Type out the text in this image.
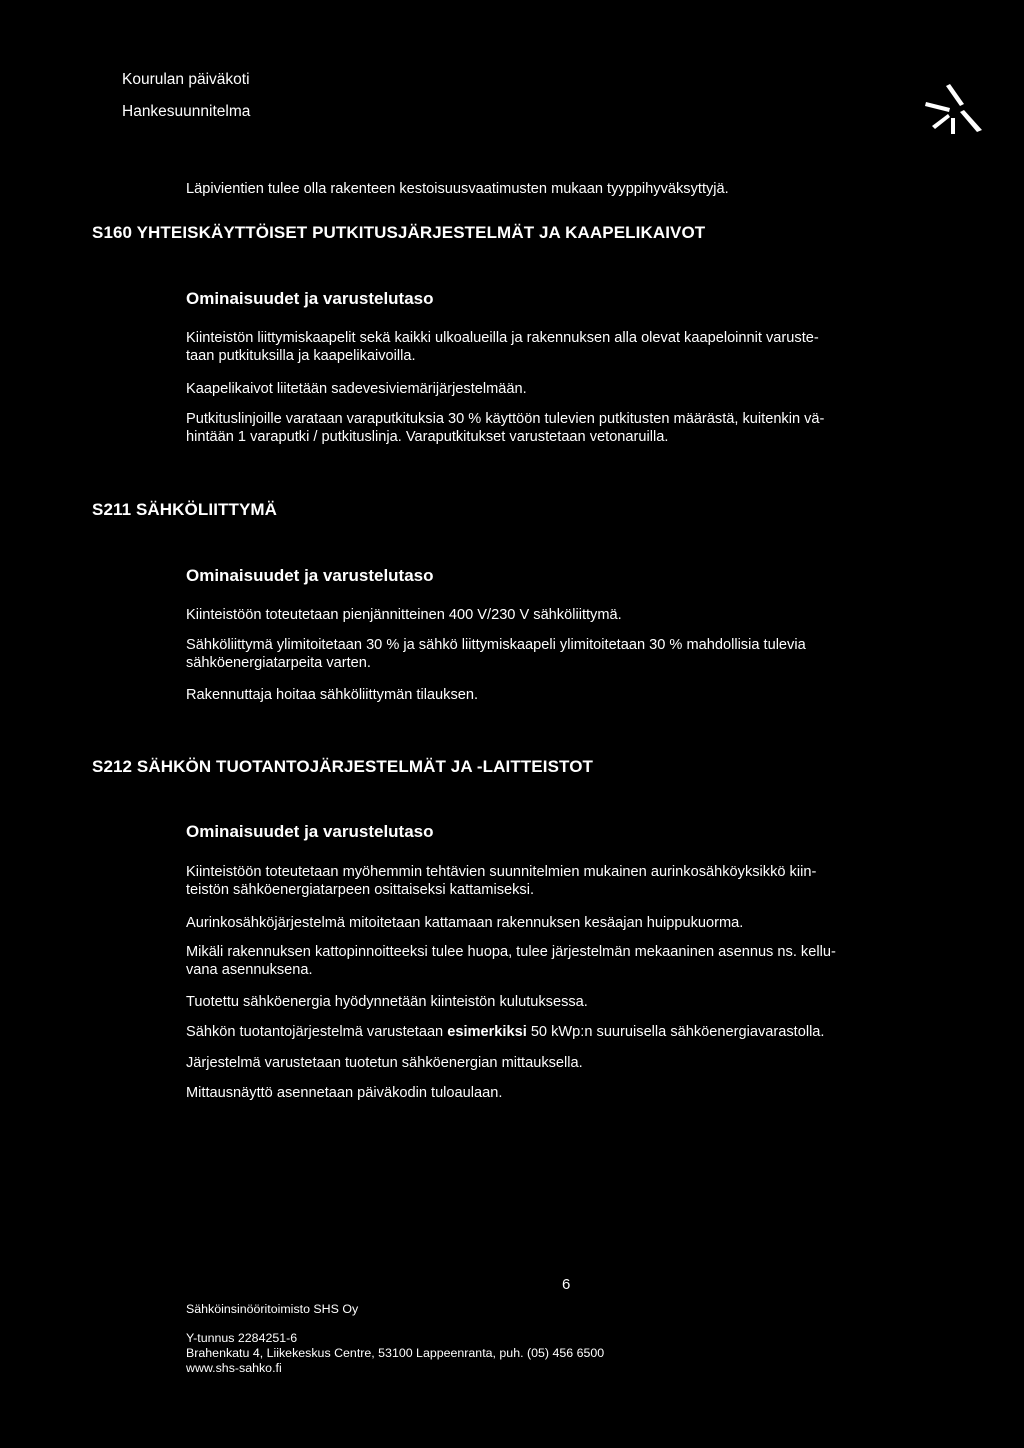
Kourulan päiväkoti
Hankesuunnitelma
Läpivientien tulee olla rakenteen kestoisuusvaatimusten mukaan tyyppihyväksyttyjä.
S160 YHTEISKÄYTTÖISET PUTKITUSJÄRJESTELMÄT JA KAAPELIKAIVOT
Ominaisuudet ja varustelutaso
Kiinteistön liittymiskaapelit sekä kaikki ulkoalueilla ja rakennuksen alla olevat kaapeloinnit varuste-
taan putkituksilla ja kaapelikaivoilla.
Kaapelikaivot liitetään sadevesiviemärijärjestelmään.
Putkituslinjoille varataan varaputkituksia 30 % käyttöön tulevien putkitusten määrästä, kuitenkin vä-
hintään 1 varaputki / putkituslinja. Varaputkitukset varustetaan vetonaruilla.
S211 SÄHKÖLIITTYMÄ
Ominaisuudet ja varustelutaso
Kiinteistöön toteutetaan pienjännitteinen 400 V/230 V sähköliittymä.
Sähköliittymä ylimitoitetaan 30 % ja sähkö liittymiskaapeli ylimitoitetaan 30 % mahdollisia tulevia
sähköenergiatarpeita varten.
Rakennuttaja hoitaa sähköliittymän tilauksen.
S212 SÄHKÖN TUOTANTOJÄRJESTELMÄT JA -LAITTEISTOT
Ominaisuudet ja varustelutaso
Kiinteistöön toteutetaan myöhemmin tehtävien suunnitelmien mukainen aurinkosähköyksikkö kiin-
teistön sähköenergiatarpeen osittaiseksi kattamiseksi.
Aurinkosähköjärjestelmä mitoitetaan kattamaan rakennuksen kesäajan huippukuorma.
Mikäli rakennuksen kattopinnoitteeksi tulee huopa, tulee järjestelmän mekaaninen asennus ns. kellu-
vana asennuksena.
Tuotettu sähköenergia hyödynnetään kiinteistön kulutuksessa.
Sähkön tuotantojärjestelmä varustetaan esimerkiksi 50 kWp:n suuruisella sähköenergiavarastolla.
Järjestelmä varustetaan tuotetun sähköenergian mittauksella.
Mittausnäyttö asennetaan päiväkodin tuloaulaan.
6
Sähköinsinööritoimisto SHS Oy
Y-tunnus 2284251-6
Brahenkatu 4, Liikekeskus Centre, 53100 Lappeenranta, puh. (05) 456 6500
www.shs-sahko.fi
